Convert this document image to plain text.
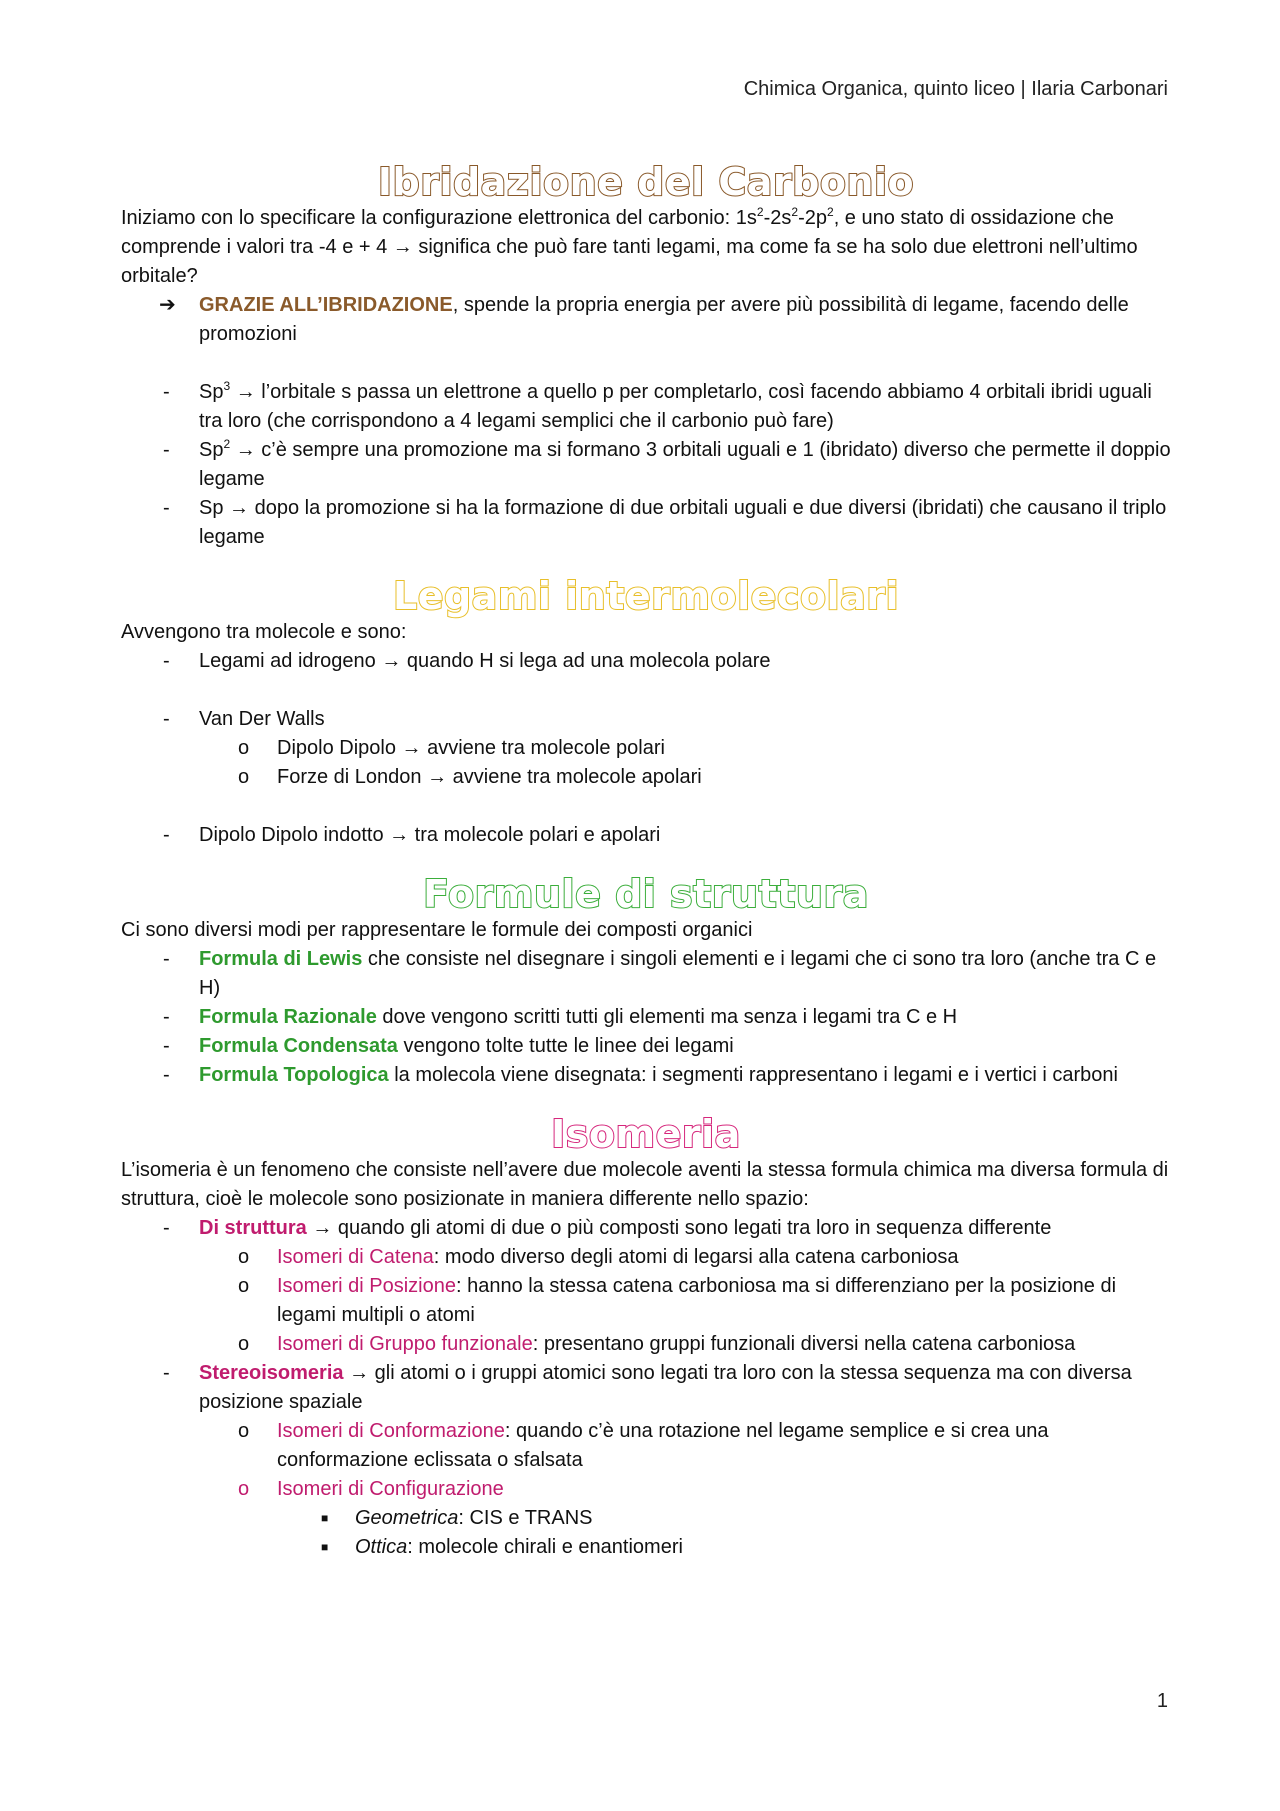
Chimica Organica, quinto liceo | Ilaria Carbonari
Ibridazione del Carbonio

Iniziamo con lo specificare la configurazione elettronica del carbonio: $1s^2-2s^2-2p^2$, e uno stato di ossidazione che comprende i valori tra -4 e + 4 → significa che può fare tanti legami, ma come fa se ha solo due elettroni nell’ultimo orbitale?

➔ GRAZIE ALL’IBRIDAZIONE, spende la propria energia per avere più possibilità di legame, facendo delle promozioni
- $Sp^3$ → l’orbitale s passa un elettrone a quello p per completarlo, così facendo abbiamo 4 orbitali ibridi uguali tra loro (che corrispondono a 4 legami semplici che il carbonio può fare)
- $Sp^2$ → c’è sempre una promozione ma si formano 3 orbitali uguali e 1 (ibridato) diverso che permette il doppio legame
- Sp → dopo la promozione si ha la formazione di due orbitali uguali e due diversi (ibridati) che causano il triplo legame
Legami intermolecolari

Avvengono tra molecole e sono:

- Legami ad idrogeno → quando H si lega ad una molecola polare
- Van Der Walls
o Dipolo Dipolo → avviene tra molecole polari
o Forze di London → avviene tra molecole apolari
- Dipolo Dipolo indotto → tra molecole polari e apolari
Formule di struttura

Ci sono diversi modi per rappresentare le formule dei composti organici

- Formula di Lewis che consiste nel disegnare i singoli elementi e i legami che ci sono tra loro (anche tra C e H)
- Formula Razionale dove vengono scritti tutti gli elementi ma senza i legami tra C e H
- Formula Condensata vengono tolte tutte le linee dei legami
- Formula Topologica la molecola viene disegnata: i segmenti rappresentano i legami e i vertici i carboni
Isomeria

L’isomeria è un fenomeno che consiste nell’avere due molecole aventi la stessa formula chimica ma diversa formula di struttura, cioè le molecole sono posizionate in maniera differente nello spazio:

- Di struttura → quando gli atomi di due o più composti sono legati tra loro in sequenza differente
o Isomeri di Catena: modo diverso degli atomi di legarsi alla catena carboniosa
o Isomeri di Posizione: hanno la stessa catena carboniosa ma si differenziano per la posizione di legami multipli o atomi
o Isomeri di Gruppo funzionale: presentano gruppi funzionali diversi nella catena carboniosa
- Stereoisomeria → gli atomi o i gruppi atomici sono legati tra loro con la stessa sequenza ma con diversa posizione spaziale
o Isomeri di Conformazione: quando c’è una rotazione nel legame semplice e si crea una conformazione eclissata o sfalsata
o Isomeri di Configurazione
■ Geometrica: CIS e TRANS
■ Ottica: molecole chirali e enantiomeri
1
